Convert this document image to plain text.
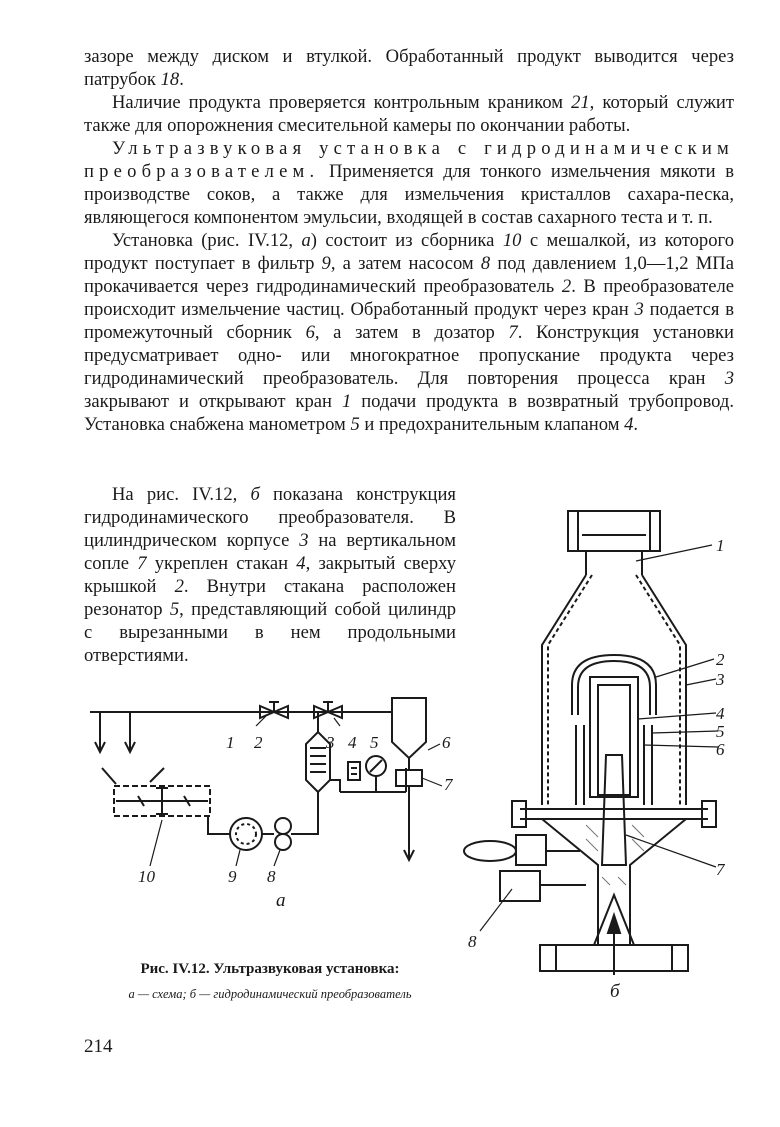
зазоре между диском и втулкой. Обработанный продукт выводится через патрубок 18.

Наличие продукта проверяется контрольным краником 21, который служит также для опорожнения смесительной камеры по окончании работы.

Ультразвуковая установка с гидродинамическим преобразователем. Применяется для тонкого измельчения мякоти в производстве соков, а также для измельчения кристаллов сахара-песка, являющегося компонентом эмульсии, входящей в состав сахарного теста и т. п.

Установка (рис. IV.12, а) состоит из сборника 10 с мешалкой, из которого продукт поступает в фильтр 9, а затем насосом 8 под давлением 1,0—1,2 МПа прокачивается через гидродинамический преобразователь 2. В преобразователе происходит измельчение частиц. Обработанный продукт через кран 3 подается в промежуточный сборник 6, а затем в дозатор 7. Конструкция установки предусматривает одно- или многократное пропускание продукта через гидродинамический преобразователь. Для повторения процесса кран 3 закрывают и открывают кран 1 подачи продукта в возвратный трубопровод. Установка снабжена манометром 5 и предохранительным клапаном 4.

На рис. IV.12, б показана конструкция гидродинамического преобразователя. В цилиндрическом корпусе 3 на вертикальном сопле 7 укреплен стакан 4, закрытый сверху крышкой 2. Внутри стакана расположен резонатор 5, представляющий собой цилиндр с вырезанными в нем продольными отверстиями.

1 2	3 4 5	6
7
8
9
10
а
Рис. IV.12. Ультразвуковая установка:
а — схема; б — гидродинамический преобразователь
1
2
3
4
5
6
7
8
б
214
